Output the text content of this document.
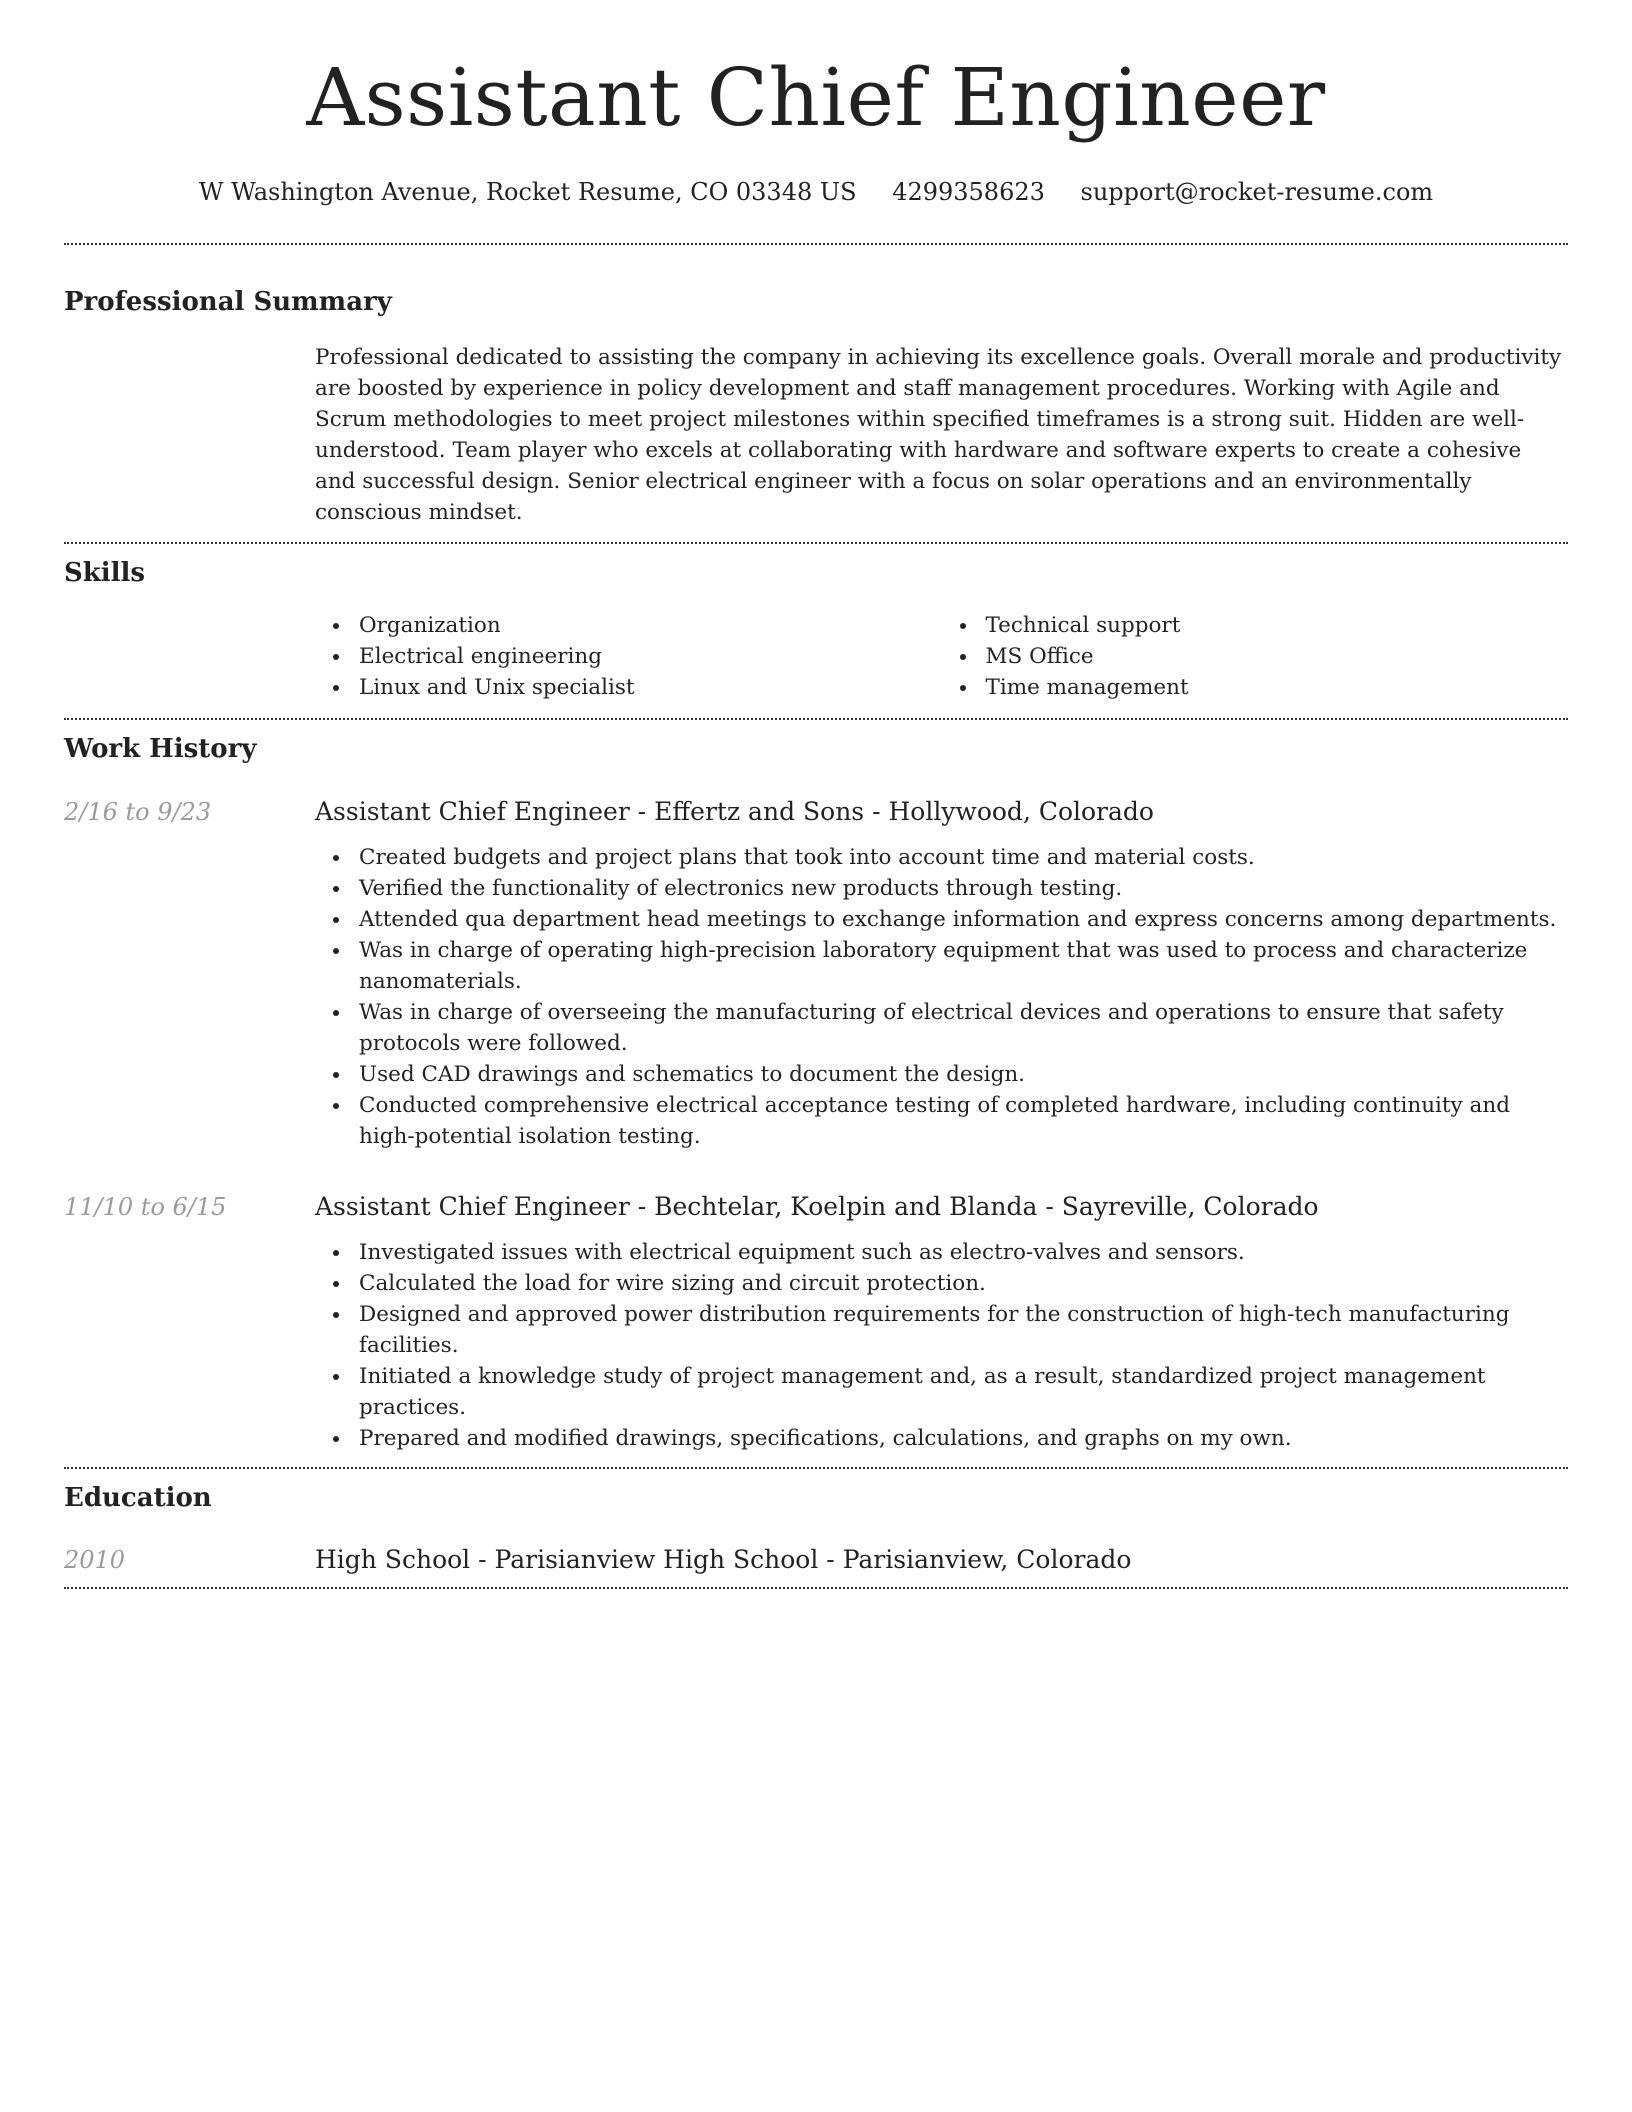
Assistant Chief Engineer
W Washington Avenue, Rocket Resume, CO 03348 US 4299358623 support@rocket-resume.com
Professional Summary

Professional dedicated to assisting the company in achieving its excellence goals. Overall morale and productivity are boosted by experience in policy development and staff management procedures. Working with Agile and Scrum methodologies to meet project milestones within specified timeframes is a strong suit. Hidden are well-understood. Team player who excels at collaborating with hardware and software experts to create a cohesive and successful design. Senior electrical engineer with a focus on solar operations and an environmentally conscious mindset.

Skills
Organization
Electrical engineering
Linux and Unix specialist
Technical support
MS Office
Time management
Work History
2/16 to 9/23	Assistant Chief Engineer - Effertz and Sons - Hollywood, Colorado
Created budgets and project plans that took into account time and material costs.
Verified the functionality of electronics new products through testing.
Attended qua department head meetings to exchange information and express concerns among departments.
Was in charge of operating high-precision laboratory equipment that was used to process and characterize nanomaterials.
Was in charge of overseeing the manufacturing of electrical devices and operations to ensure that safety protocols were followed.
Used CAD drawings and schematics to document the design.
Conducted comprehensive electrical acceptance testing of completed hardware, including continuity and high-potential isolation testing.
11/10 to 6/15	Assistant Chief Engineer - Bechtelar, Koelpin and Blanda - Sayreville, Colorado
Investigated issues with electrical equipment such as electro-valves and sensors.
Calculated the load for wire sizing and circuit protection.
Designed and approved power distribution requirements for the construction of high-tech manufacturing facilities.
Initiated a knowledge study of project management and, as a result, standardized project management practices.
Prepared and modified drawings, specifications, calculations, and graphs on my own.
Education
2010	High School - Parisianview High School - Parisianview, Colorado
